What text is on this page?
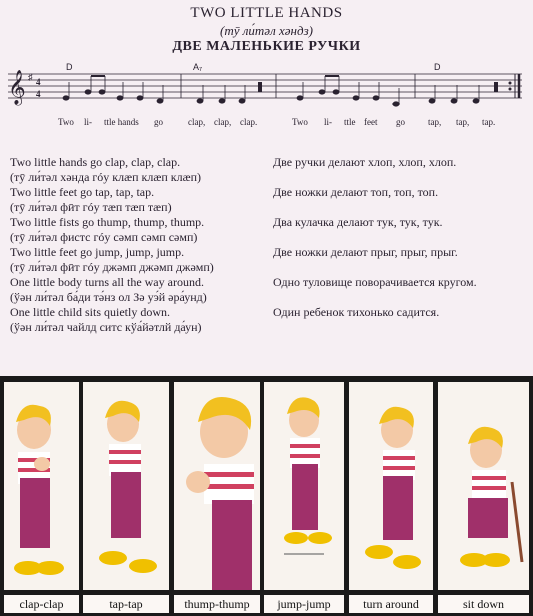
TWO LITTLE HANDS
(тӯ ли́тәл хәндз)
ДВЕ МАЛЕНЬКИЕ РУЧКИ
𝄞 ♯ 4
4
D	A₇	D
Two li- ttle hands go	clap, clap, clap.	Two li- ttle feet go	tap, tap, tap.
Two little hands go clap, clap, clap.
(тӯ ли́тәл хәнда гóу клæп клæп клæп)
Two little feet go tap, tap, tap.
(тӯ ли́тәл фӣт гóу тæп тæп тæп)
Two little fists go thump, thump, thump.
(тӯ ли́тәл фистс гóу сәмп сәмп сәмп)
Two little feet go jump, jump, jump.
(тӯ ли́тәл фӣт гóу джәмп джәмп джәмп)
One little body turns all the way around.
(ўән ли́тәл ба́ди тә́нз ол Зә уэ́й әра́унд)
One little child sits quietly down.
(ўән ли́тәл чайлд ситс кўа́йәтлй да́ун)
Две ручки делают хлоп, хлоп, хлоп.
Две ножки делают топ, топ, топ.
Два кулачка делают тук, тук, тук.
Две ножки делают прыг, прыг, прыг.
Одно туловище поворачивается кругом.
Один ребенок тихонько садится.
clap-clap	tap-tap	thump-thump	jump-jump	turn around	sit down
